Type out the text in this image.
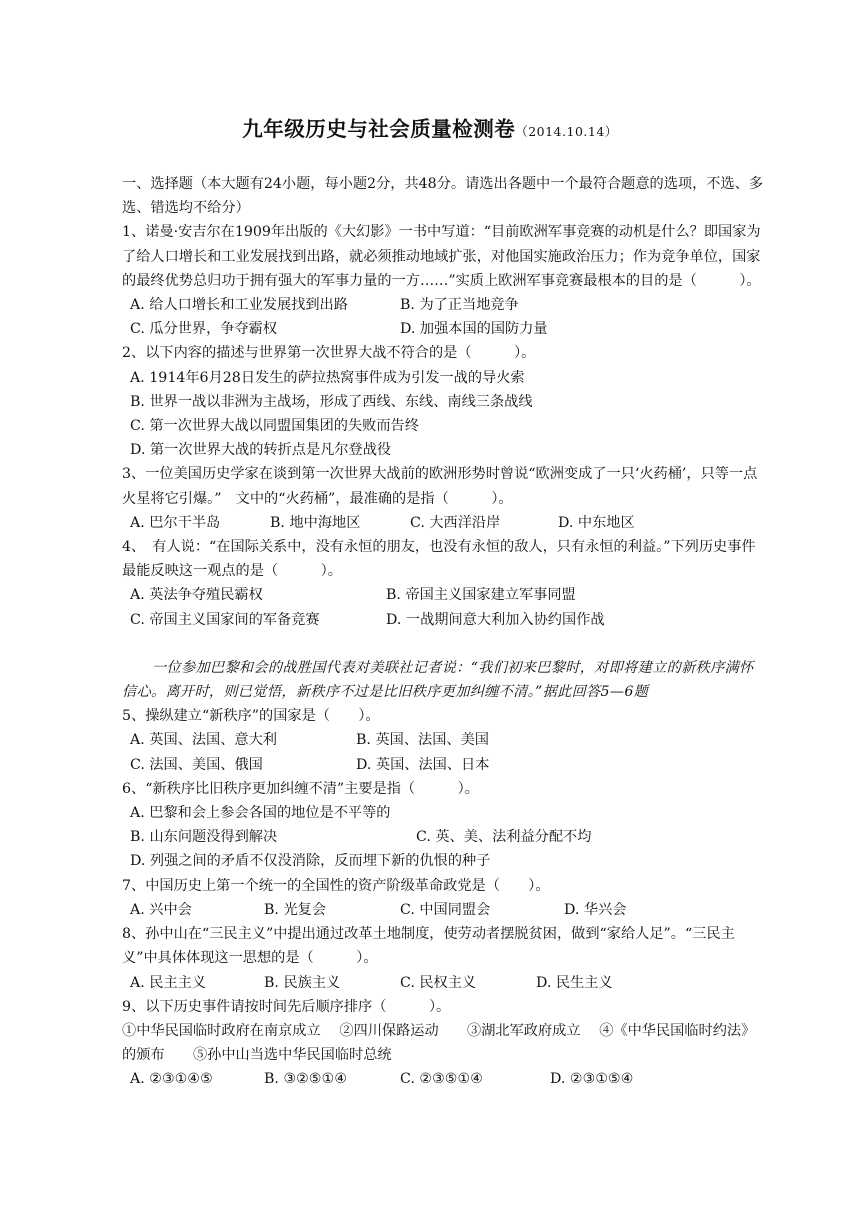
九年级历史与社会质量检测卷（2014.10.14）

一、选择题（本大题有24小题，每小题2分，共48分。请选出各题中一个最符合题意的选项，不选、多选、错选均不给分）

1、诺曼·安吉尔在1909年出版的《大幻影》一书中写道：“目前欧洲军事竞赛的动机是什么？即国家为了给人口增长和工业发展找到出路，就必须推动地域扩张，对他国实施政治压力；作为竞争单位，国家的最终优势总归功于拥有强大的军事力量的一方……”实质上欧洲军事竞赛最根本的目的是（　　　）。

A. 给人口增长和工业发展找到出路	B. 为了正当地竞争
C. 瓜分世界，争夺霸权	D. 加强本国的国防力量

2、以下内容的描述与世界第一次世界大战不符合的是（　　　）。

A. 1914年6月28日发生的萨拉热窝事件成为引发一战的导火索
B. 世界一战以非洲为主战场，形成了西线、东线、南线三条战线
C. 第一次世界大战以同盟国集团的失败而告终
D. 第一次世界大战的转折点是凡尔登战役

3、一位美国历史学家在谈到第一次世界大战前的欧洲形势时曾说“欧洲变成了一只‘火药桶’，只等一点火星将它引爆。”　文中的“火药桶”，最准确的是指（　　　）。

A. 巴尔干半岛	B. 地中海地区	C. 大西洋沿岸	D. 中东地区

4、　有人说：“在国际关系中，没有永恒的朋友，也没有永恒的敌人，只有永恒的利益。”下列历史事件最能反映这一观点的是（　　　）。

A. 英法争夺殖民霸权	B. 帝国主义国家建立军事同盟
C. 帝国主义国家间的军备竞赛	D. 一战期间意大利加入协约国作战

一位参加巴黎和会的战胜国代表对美联社记者说：“我们初来巴黎时，对即将建立的新秩序满怀信心。离开时，则已觉悟，新秩序不过是比旧秩序更加纠缠不清。”据此回答5—6题

5、操纵建立“新秩序”的国家是（　　）。

A. 英国、法国、意大利	B. 英国、法国、美国
C. 法国、美国、俄国	D. 英国、法国、日本

6、“新秩序比旧秩序更加纠缠不清”主要是指（　　　）。

A. 巴黎和会上参会各国的地位是不平等的
B. 山东问题没得到解决	C. 英、美、法利益分配不均
D. 列强之间的矛盾不仅没消除，反而埋下新的仇恨的种子

7、中国历史上第一个统一的全国性的资产阶级革命政党是（　　）。

A. 兴中会	B. 光复会	C. 中国同盟会	D. 华兴会

8、孙中山在“三民主义”中提出通过改革土地制度，使劳动者摆脱贫困，做到“家给人足”。“三民主义”中具体体现这一思想的是（　　　）。

A. 民主主义	B. 民族主义	C. 民权主义	D. 民生主义

9、以下历史事件请按时间先后顺序排序（　　　）。

①中华民国临时政府在南京成立　 ②四川保路运动　　③湖北军政府成立　 ④《中华民国临时约法》的颁布　　⑤孙中山当选中华民国临时总统

A. ②③①④⑤	B. ③②⑤①④	C. ②③⑤①④	D. ②③①⑤④
